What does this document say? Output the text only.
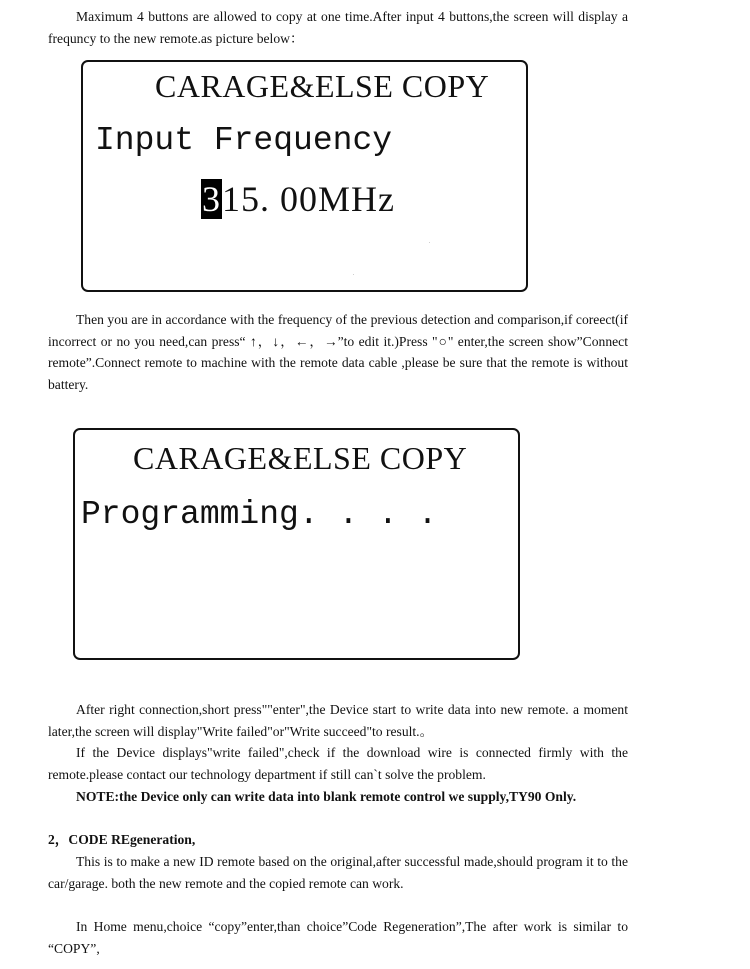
Maximum 4 buttons are allowed to copy at one time.After input 4 buttons,the screen will display a frequncy to the new remote.as picture below：

CARAGE&ELSE COPY
Input Frequency
315. 00MHz

Then you are in accordance with the frequency of the previous detection and comparison,if coreect(if incorrect or no you need,can press“ ↑，↓，←，→”to edit it.)Press "○" enter,the screen show”Connect remote”.Connect remote to machine with the remote data cable ,please be sure that the remote is without battery.

CARAGE&ELSE COPY
Programming. . . .

After right connection,short press""enter",the Device start to write data into new remote. a moment later,the screen will display"Write failed"or"Write succeed"to result.。

If the Device displays"write failed",check if the download wire is connected firmly with the remote.please contact our technology department if still can`t solve the problem.

NOTE:the Device only can write data into blank remote control we supply,TY90 Only.

2，CODE REgeneration,

This is to make a new ID remote based on the original,after successful made,should program it to the car/garage. both the new remote and the copied remote can work.

In Home menu,choice “copy”enter,than choice”Code Regeneration”,The after work is similar to “COPY”,
